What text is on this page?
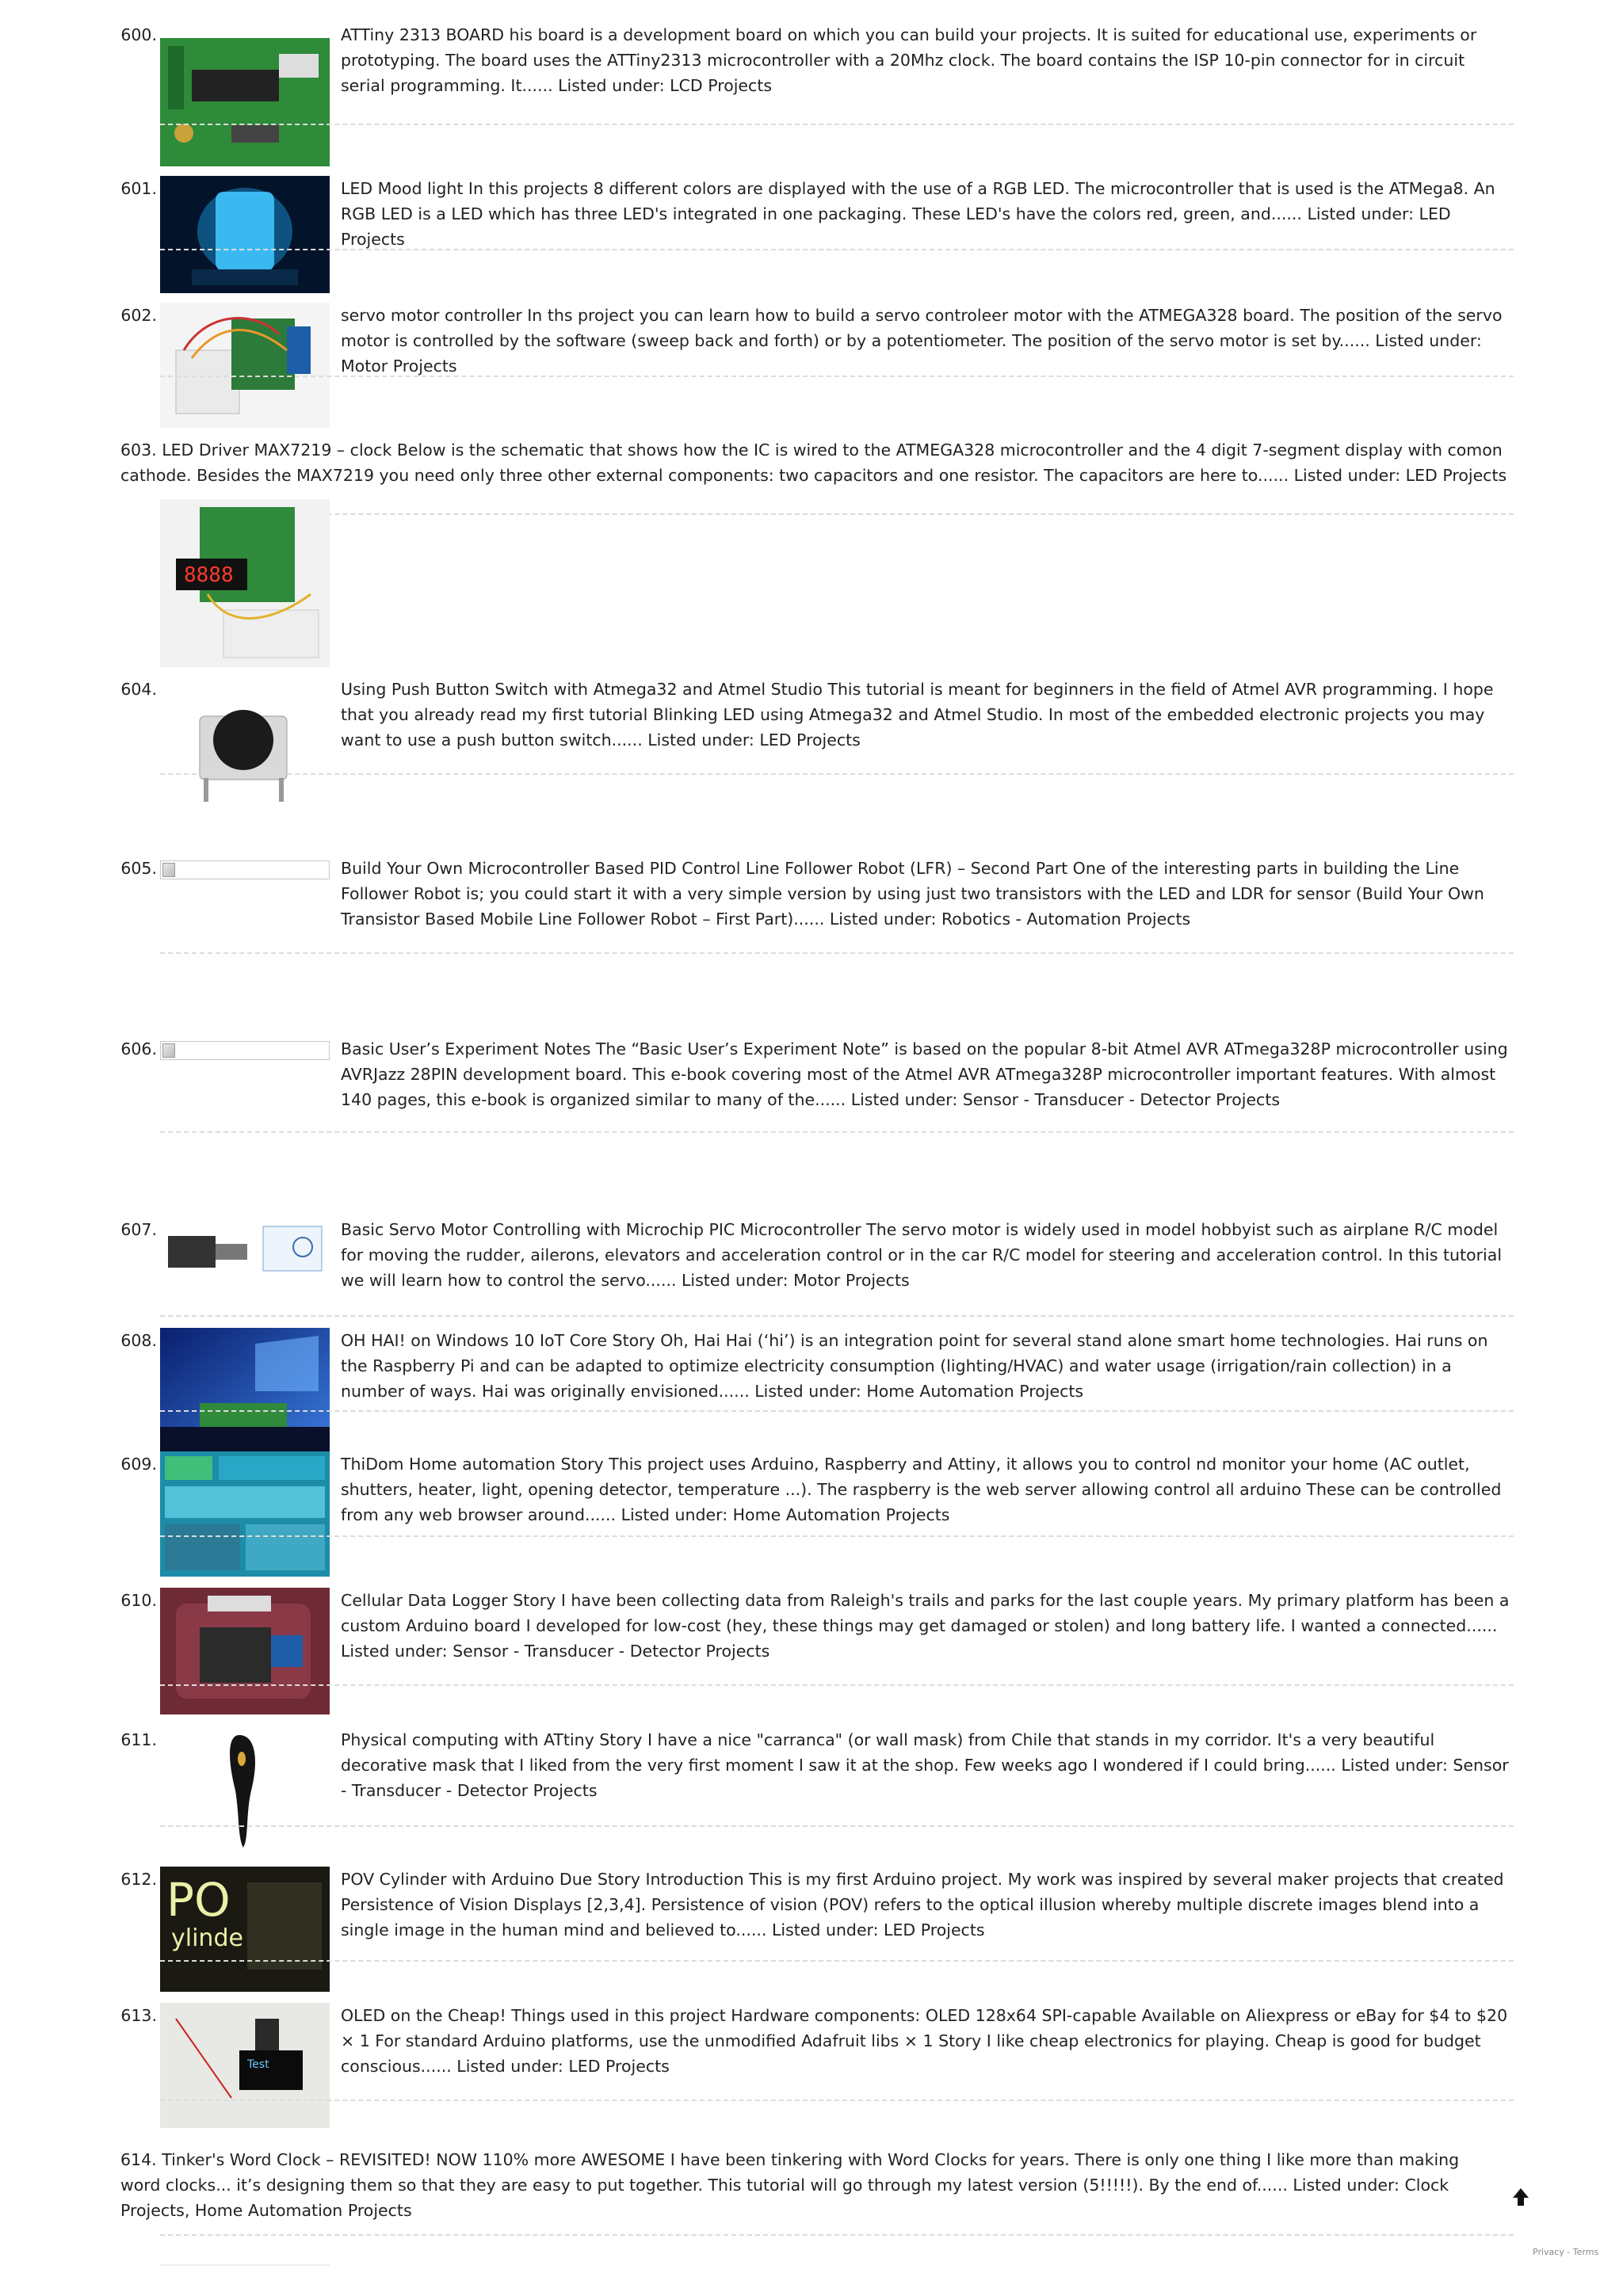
600.	ATTiny 2313 BOARD his board is a development board on which you can build your projects. It is suited for educational use, experiments or prototyping. The board uses the ATTiny2313 microcontroller with a 20Mhz clock. The board contains the ISP 10-pin connector for in circuit serial programming. It...... Listed under: LCD Projects

601.	LED Mood light In this projects 8 different colors are displayed with the use of a RGB LED. The microcontroller that is used is the ATMega8. An RGB LED is a LED which has three LED's integrated in one packaging. These LED's have the colors red, green, and...... Listed under: LED Projects

602.	servo motor controller In ths project you can learn how to build a servo controleer motor with the ATMEGA328 board. The position of the servo motor is controlled by the software (sweep back and forth) or by a potentiometer. The position of the servo motor is set by...... Listed under: Motor Projects

603. LED Driver MAX7219 – clock Below is the schematic that shows how the IC is wired to the ATMEGA328 microcontroller and the 4 digit 7-segment display with comon cathode. Besides the MAX7219 you need only three other external components: two capacitors and one resistor. The capacitors are here to...... Listed under: LED Projects

8888
604.	Using Push Button Switch with Atmega32 and Atmel Studio This tutorial is meant for beginners in the field of Atmel AVR programming. I hope that you already read my first tutorial Blinking LED using Atmega32 and Atmel Studio. In most of the embedded electronic projects you may want to use a push button switch...... Listed under: LED Projects

605.	Build Your Own Microcontroller Based PID Control Line Follower Robot (LFR) – Second Part One of the interesting parts in building the Line Follower Robot is; you could start it with a very simple version by using just two transistors with the LED and LDR for sensor (Build Your Own Transistor Based Mobile Line Follower Robot – First Part)...... Listed under: Robotics - Automation Projects

606.	Basic User’s Experiment Notes The “Basic User’s Experiment Note” is based on the popular 8-bit Atmel AVR ATmega328P microcontroller using AVRJazz 28PIN development board. This e-book covering most of the Atmel AVR ATmega328P microcontroller important features. With almost 140 pages, this e-book is organized similar to many of the...... Listed under: Sensor - Transducer - Detector Projects

607.	Basic Servo Motor Controlling with Microchip PIC Microcontroller The servo motor is widely used in model hobbyist such as airplane R/C model for moving the rudder, ailerons, elevators and acceleration control or in the car R/C model for steering and acceleration control. In this tutorial we will learn how to control the servo...... Listed under: Motor Projects

608.	OH HAI! on Windows 10 IoT Core Story Oh, Hai Hai (‘hi’) is an integration point for several stand alone smart home technologies. Hai runs on the Raspberry Pi and can be adapted to optimize electricity consumption (lighting/HVAC) and water usage (irrigation/rain collection) in a number of ways. Hai was originally envisioned...... Listed under: Home Automation Projects

609.	ThiDom Home automation Story This project uses Arduino, Raspberry and Attiny, it allows you to control nd monitor your home (AC outlet, shutters, heater, light, opening detector, temperature ...). The raspberry is the web server allowing control all arduino These can be controlled from any web browser around...... Listed under: Home Automation Projects

610.	Cellular Data Logger Story I have been collecting data from Raleigh's trails and parks for the last couple years. My primary platform has been a custom Arduino board I developed for low-cost (hey, these things may get damaged or stolen) and long battery life. I wanted a connected...... Listed under: Sensor - Transducer - Detector Projects

611.	Physical computing with ATtiny Story I have a nice "carranca" (or wall mask) from Chile that stands in my corridor. It's a very beautiful decorative mask that I liked from the very first moment I saw it at the shop. Few weeks ago I wondered if I could bring...... Listed under: Sensor - Transducer - Detector Projects

612. PO
ylinde

POV Cylinder with Arduino Due Story Introduction This is my first Arduino project. My work was inspired by several maker projects that created Persistence of Vision Displays [2,3,4]. Persistence of vision (POV) refers to the optical illusion whereby multiple discrete images blend into a single image in the human mind and believed to...... Listed under: LED Projects

613.
Test

OLED on the Cheap! Things used in this project Hardware components: OLED 128x64 SPI-capable Available on Aliexpress or eBay for $4 to $20 × 1 For standard Arduino platforms, use the unmodified Adafruit libs × 1 Story I like cheap electronics for playing. Cheap is good for budget conscious...... Listed under: LED Projects

614. Tinker's Word Clock – REVISITED! NOW 110% more AWESOME I have been tinkering with Word Clocks for years. There is only one thing I like more than making word clocks... it’s designing them so that they are easy to put together. This tutorial will go through my latest version (5!!!!!). By the end of...... Listed under: Clock Projects, Home Automation Projects

Privacy - Terms
